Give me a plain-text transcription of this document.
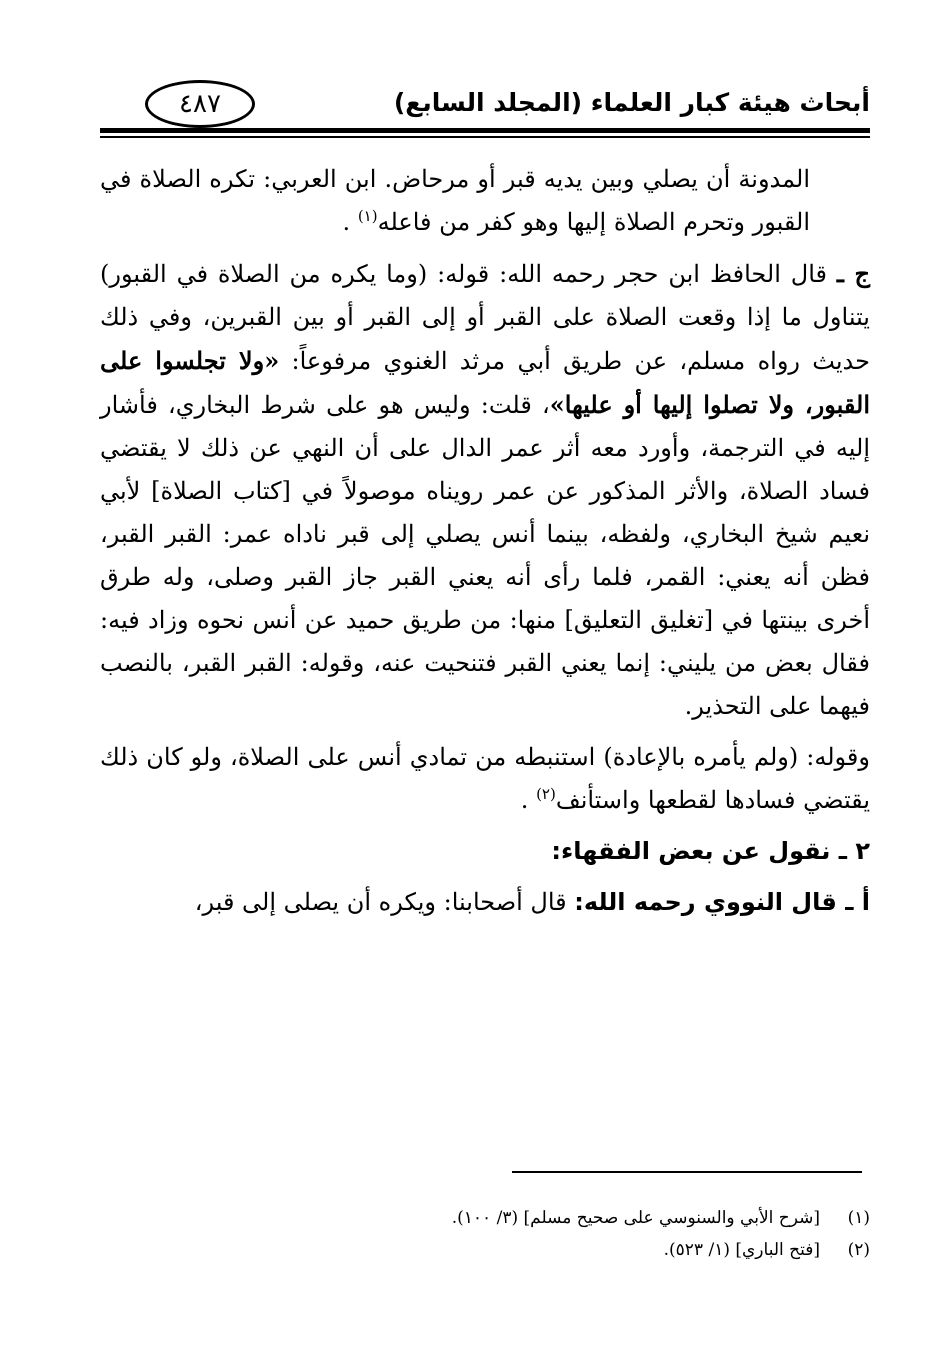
أبحاث هيئة كبار العلماء (المجلد السابع)
٤٨٧

المدونة أن يصلي وبين يديه قبر أو مرحاض. ابن العربي: تكره الصلاة في القبور وتحرم الصلاة إليها وهو كفر من فاعله$^{(١)}$ .

ج ـ قال الحافظ ابن حجر رحمه الله: قوله: (وما يكره من الصلاة في القبور) يتناول ما إذا وقعت الصلاة على القبر أو إلى القبر أو بين القبرين، وفي ذلك حديث رواه مسلم، عن طريق أبي مرثد الغنوي مرفوعاً: «ولا تجلسوا على القبور، ولا تصلوا إليها أو عليها»، قلت: وليس هو على شرط البخاري، فأشار إليه في الترجمة، وأورد معه أثر عمر الدال على أن النهي عن ذلك لا يقتضي فساد الصلاة، والأثر المذكور عن عمر رويناه موصولاً في [كتاب الصلاة] لأبي نعيم شيخ البخاري، ولفظه، بينما أنس يصلي إلى قبر ناداه عمر: القبر القبر، فظن أنه يعني: القمر، فلما رأى أنه يعني القبر جاز القبر وصلى، وله طرق أخرى بينتها في [تغليق التعليق] منها: من طريق حميد عن أنس نحوه وزاد فيه: فقال بعض من يليني: إنما يعني القبر فتنحيت عنه، وقوله: القبر القبر، بالنصب فيهما على التحذير.

وقوله: (ولم يأمره بالإعادة) استنبطه من تمادي أنس على الصلاة، ولو كان ذلك يقتضي فسادها لقطعها واستأنف$^{(٢)}$ .

٢ ـ نقول عن بعض الفقهاء:

أ ـ قال النووي رحمه الله: قال أصحابنا: ويكره أن يصلى إلى قبر،

(١)[شرح الأبي والسنوسي على صحيح مسلم] (٣/ ١٠٠).

(٢)[فتح الباري] (١/ ٥٢٣).
